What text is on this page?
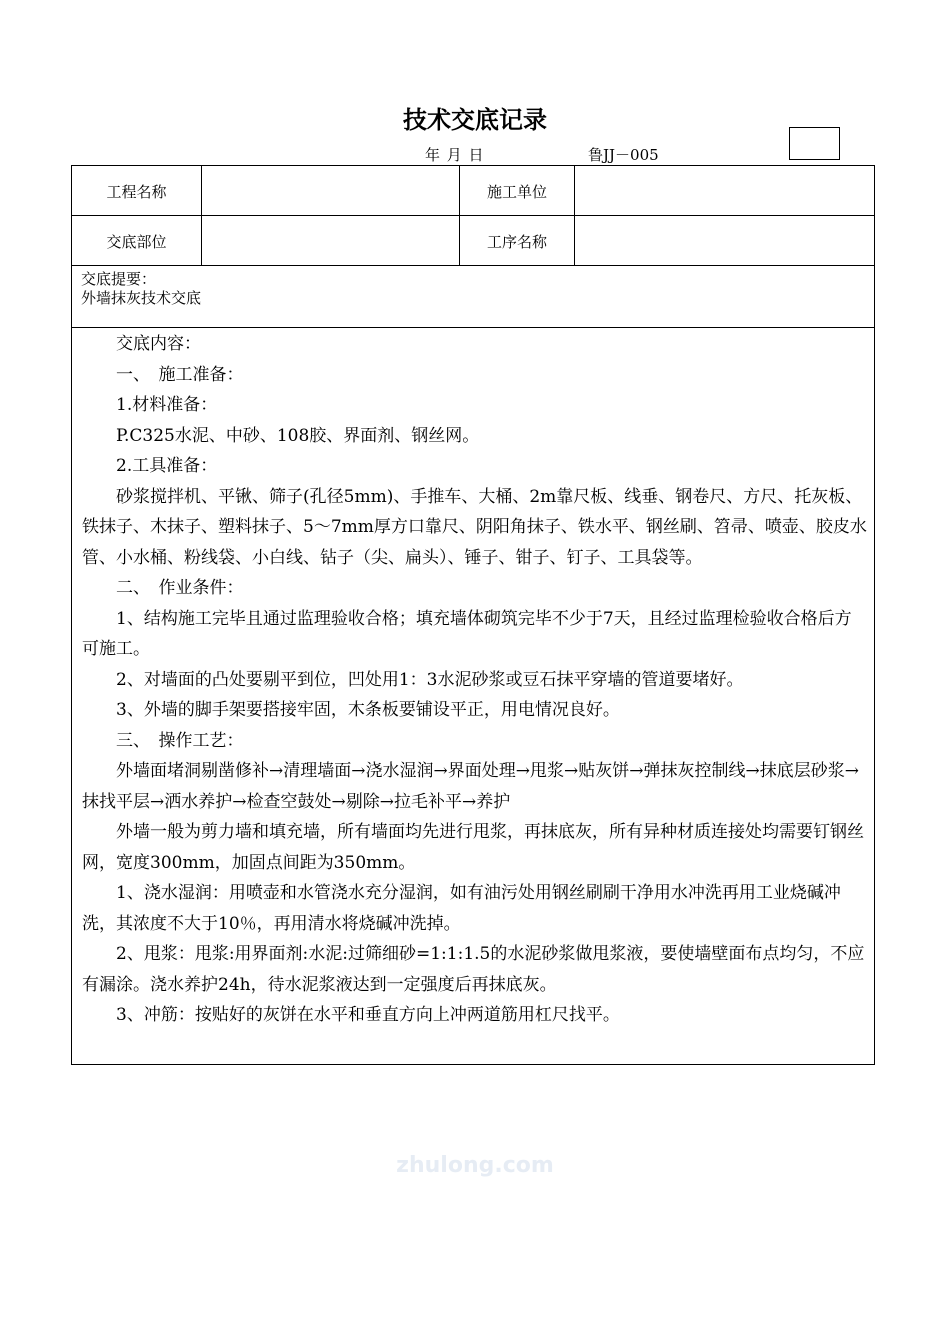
技术交底记录
年 月 日	鲁JJ－005
工程名称	施工单位
交底部位	工序名称
交底提要：
外墙抹灰技术交底

交底内容：

一、　施工准备：

1.材料准备：

P.C325水泥、中砂、108胶、界面剂、钢丝网。

2.工具准备：

砂浆搅拌机、平锹、筛子(孔径5mm)、手推车、大桶、2m靠尺板、线垂、钢卷尺、方尺、托灰板、铁抹子、木抹子、塑料抹子、5～7mm厚方口靠尺、阴阳角抹子、铁水平、钢丝刷、笤帚、喷壶、胶皮水管、小水桶、粉线袋、小白线、钻子（尖、扁头）、锤子、钳子、钉子、工具袋等。

二、　作业条件：

1、结构施工完毕且通过监理验收合格；填充墙体砌筑完毕不少于7天，且经过监理检验收合格后方可施工。

2、对墙面的凸处要剔平到位，凹处用1：3水泥砂浆或豆石抹平穿墙的管道要堵好。

3、外墙的脚手架要搭接牢固，木条板要铺设平正，用电情况良好。

三、　操作工艺：

外墙面堵洞剔凿修补→清理墙面→浇水湿润→界面处理→甩浆→贴灰饼→弹抹灰控制线→抹底层砂浆→抹找平层→洒水养护→检查空鼓处→剔除→拉毛补平→养护

外墙一般为剪力墙和填充墙，所有墙面均先进行甩浆，再抹底灰，所有异种材质连接处均需要钉钢丝网，宽度300mm，加固点间距为350mm。

1、浇水湿润：用喷壶和水管浇水充分湿润，如有油污处用钢丝刷刷干净用水冲洗再用工业烧碱冲洗，其浓度不大于10％，再用清水将烧碱冲洗掉。

2、甩浆：甩浆:用界面剂:水泥:过筛细砂=1:1:1.5的水泥砂浆做甩浆液，要使墙壁面布点均匀，不应有漏涂。浇水养护24h，待水泥浆液达到一定强度后再抹底灰。

3、冲筋：按贴好的灰饼在水平和垂直方向上冲两道筋用杠尺找平。

zhulong.com
